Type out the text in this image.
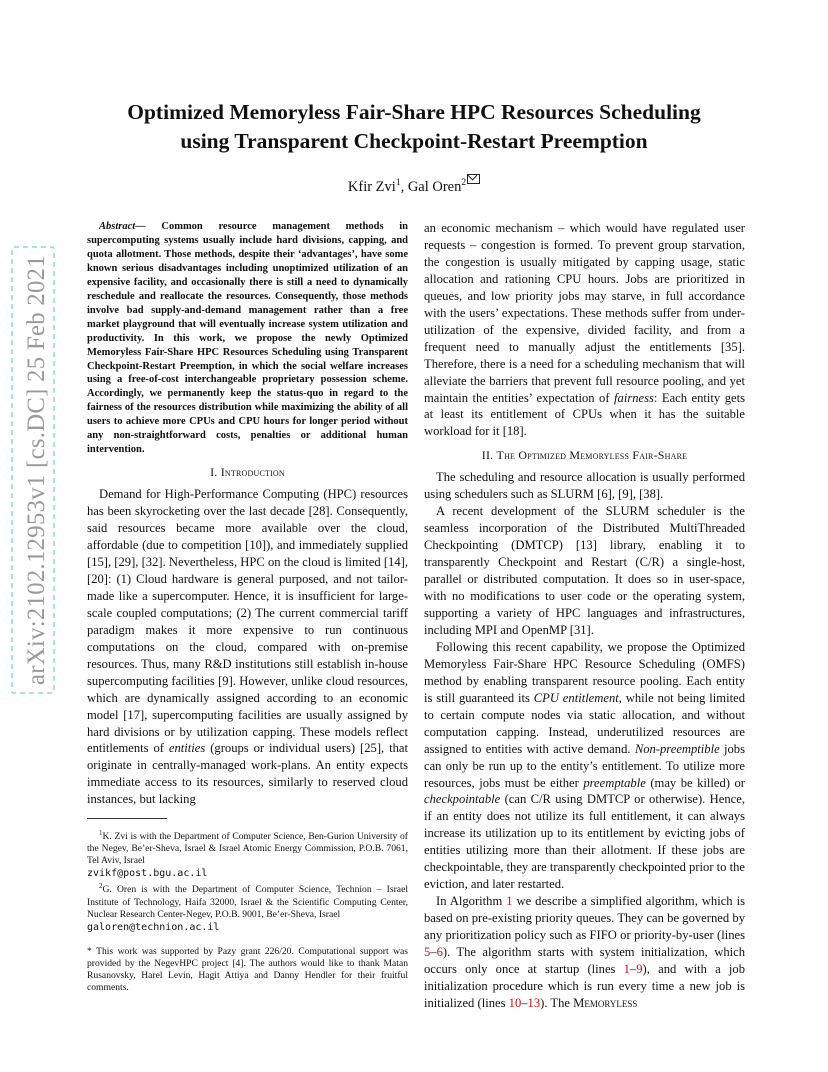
arXiv:2102.12953v1 [cs.DC] 25 Feb 2021
Optimized Memoryless Fair-Share HPC Resources Scheduling
using Transparent Checkpoint-Restart Preemption
Kfir Zvi$^1$, Gal Oren$^2$

Abstract— Common resource management methods in supercomputing systems usually include hard divisions, capping, and quota allotment. Those methods, despite their ‘advantages’, have some known serious disadvantages including unoptimized utilization of an expensive facility, and occasionally there is still a need to dynamically reschedule and reallocate the resources. Consequently, those methods involve bad supply-and-demand management rather than a free market playground that will eventually increase system utilization and productivity. In this work, we propose the newly Optimized Memoryless Fair-Share HPC Resources Scheduling using Transparent Checkpoint-Restart Preemption, in which the social welfare increases using a free-of-cost interchangeable proprietary possession scheme. Accordingly, we permanently keep the status-quo in regard to the fairness of the resources distribution while maximizing the ability of all users to achieve more CPUs and CPU hours for longer period without any non-straightforward costs, penalties or additional human intervention.

I. Introduction

Demand for High-Performance Computing (HPC) resources has been skyrocketing over the last decade [28]. Consequently, said resources became more available over the cloud, affordable (due to competition [10]), and immediately supplied [15], [29], [32]. Nevertheless, HPC on the cloud is limited [14], [20]: (1) Cloud hardware is general purposed, and not tailor-made like a supercomputer. Hence, it is insufficient for large-scale coupled computations; (2) The current commercial tariff paradigm makes it more expensive to run continuous computations on the cloud, compared with on-premise resources. Thus, many R&D institutions still establish in-house supercomputing facilities [9]. However, unlike cloud resources, which are dynamically assigned according to an economic model [17], supercomputing facilities are usually assigned by hard divisions or by utilization capping. These models reflect entitlements of entities (groups or individual users) [25], that originate in centrally-managed work-plans. An entity expects immediate access to its resources, similarly to reserved cloud instances, but lacking

$^1$K. Zvi is with the Department of Computer Science, Ben-Gurion University of the Negev, Be’er-Sheva, Israel & Israel Atomic Energy Commission, P.O.B. 7061, Tel Aviv, Israel

zvikf@post.bgu.ac.il

$^2$G. Oren is with the Department of Computer Science, Technion – Israel Institute of Technology, Haifa 32000, Israel & the Scientific Computing Center, Nuclear Research Center-Negev, P.O.B. 9001, Be’er-Sheva, Israel

galoren@technion.ac.il

* This work was supported by Pazy grant 226/20. Computational support was provided by the NegevHPC project [4]. The authors would like to thank Matan Rusanovsky, Harel Levin, Hagit Attiya and Danny Hendler for their fruitful comments.

an economic mechanism – which would have regulated user requests – congestion is formed. To prevent group starvation, the congestion is usually mitigated by capping usage, static allocation and rationing CPU hours. Jobs are prioritized in queues, and low priority jobs may starve, in full accordance with the users’ expectations. These methods suffer from under-utilization of the expensive, divided facility, and from a frequent need to manually adjust the entitlements [35]. Therefore, there is a need for a scheduling mechanism that will alleviate the barriers that prevent full resource pooling, and yet maintain the entities’ expectation of fairness: Each entity gets at least its entitlement of CPUs when it has the suitable workload for it [18].

II. The Optimized Memoryless Fair-Share

The scheduling and resource allocation is usually performed using schedulers such as SLURM [6], [9], [38].

A recent development of the SLURM scheduler is the seamless incorporation of the Distributed MultiThreaded Checkpointing (DMTCP) [13] library, enabling it to transparently Checkpoint and Restart (C/R) a single-host, parallel or distributed computation. It does so in user-space, with no modifications to user code or the operating system, supporting a variety of HPC languages and infrastructures, including MPI and OpenMP [31].

Following this recent capability, we propose the Optimized Memoryless Fair-Share HPC Resource Scheduling (OMFS) method by enabling transparent resource pooling. Each entity is still guaranteed its CPU entitlement, while not being limited to certain compute nodes via static allocation, and without computation capping. Instead, underutilized resources are assigned to entities with active demand. Non-preemptible jobs can only be run up to the entity’s entitlement. To utilize more resources, jobs must be either preemptable (may be killed) or checkpointable (can C/R using DMTCP or otherwise). Hence, if an entity does not utilize its full entitlement, it can always increase its utilization up to its entitlement by evicting jobs of entities utilizing more than their allotment. If these jobs are checkpointable, they are transparently checkpointed prior to the eviction, and later restarted.

In Algorithm 1 we describe a simplified algorithm, which is based on pre-existing priority queues. They can be governed by any prioritization policy such as FIFO or priority-by-user (lines 5–6). The algorithm starts with system initialization, which occurs only once at startup (lines 1–9), and with a job initialization procedure which is run every time a new job is initialized (lines 10–13). The Memoryless
